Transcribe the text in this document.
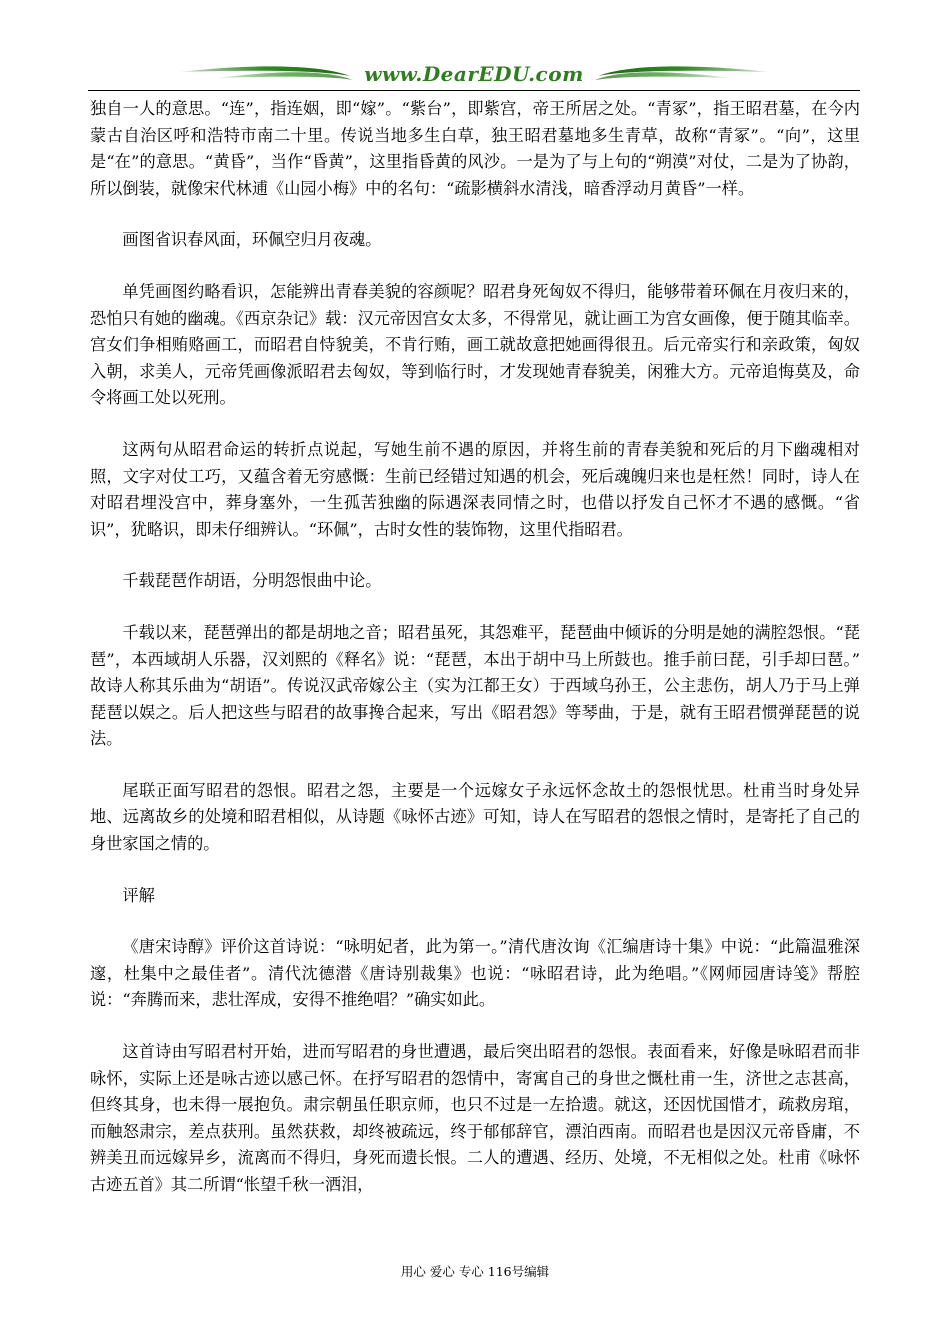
www.DearEDU.com

独自一人的意思。“连”，指连姻，即“嫁”。“紫台”，即紫宫，帝王所居之处。“青冢”，指王昭君墓，在今内蒙古自治区呼和浩特市南二十里。传说当地多生白草，独王昭君墓地多生青草，故称“青冢”。“向”，这里是“在”的意思。“黄昏”，当作“昏黄”，这里指昏黄的风沙。一是为了与上句的“朔漠”对仗，二是为了协韵，所以倒装，就像宋代林逋《山园小梅》中的名句：“疏影横斜水清浅，暗香浮动月黄昏”一样。

画图省识春风面，环佩空归月夜魂。

单凭画图约略看识，怎能辨出青春美貌的容颜呢？昭君身死匈奴不得归，能够带着环佩在月夜归来的，恐怕只有她的幽魂。《西京杂记》载：汉元帝因宫女太多，不得常见，就让画工为宫女画像，便于随其临幸。宫女们争相贿赂画工，而昭君自恃貌美，不肯行贿，画工就故意把她画得很丑。后元帝实行和亲政策，匈奴入朝，求美人，元帝凭画像派昭君去匈奴，等到临行时，才发现她青春貌美，闲雅大方。元帝追悔莫及，命令将画工处以死刑。

这两句从昭君命运的转折点说起，写她生前不遇的原因，并将生前的青春美貌和死后的月下幽魂相对照，文字对仗工巧，又蕴含着无穷感慨：生前已经错过知遇的机会，死后魂魄归来也是枉然！同时，诗人在对昭君埋没宫中，葬身塞外，一生孤苦独幽的际遇深表同情之时，也借以抒发自己怀才不遇的感慨。“省识”，犹略识，即未仔细辨认。“环佩”，古时女性的装饰物，这里代指昭君。

千载琵琶作胡语，分明怨恨曲中论。

千载以来，琵琶弹出的都是胡地之音；昭君虽死，其怨难平，琵琶曲中倾诉的分明是她的满腔怨恨。“琵琶”，本西域胡人乐器，汉刘熙的《释名》说：“琵琶，本出于胡中马上所鼓也。推手前曰琵，引手却曰琶。” 故诗人称其乐曲为“胡语”。传说汉武帝嫁公主（实为江都王女）于西域乌孙王，公主悲伤，胡人乃于马上弹琵琶以娱之。后人把这些与昭君的故事搀合起来，写出《昭君怨》等琴曲，于是，就有王昭君惯弹琵琶的说法。

尾联正面写昭君的怨恨。昭君之怨，主要是一个远嫁女子永远怀念故土的怨恨忧思。杜甫当时身处异地、远离故乡的处境和昭君相似，从诗题《咏怀古迹》可知，诗人在写昭君的怨恨之情时，是寄托了自己的身世家国之情的。

评解

《唐宋诗醇》评价这首诗说：“咏明妃者，此为第一。”清代唐汝询《汇编唐诗十集》中说：“此篇温雅深邃，杜集中之最佳者”。清代沈德潜《唐诗别裁集》也说：“咏昭君诗，此为绝唱。”《网师园唐诗笺》帮腔说：“奔腾而来，悲壮浑成，安得不推绝唱？”确实如此。

这首诗由写昭君村开始，进而写昭君的身世遭遇，最后突出昭君的怨恨。表面看来，好像是咏昭君而非咏怀，实际上还是咏古迹以感己怀。在抒写昭君的怨情中，寄寓自己的身世之慨杜甫一生，济世之志甚高，但终其身，也未得一展抱负。肃宗朝虽任职京师，也只不过是一左拾遗。就这，还因忧国惜才，疏救房琯，而触怒肃宗，差点获刑。虽然获救，却终被疏远，终于郁郁辞官，漂泊西南。而昭君也是因汉元帝昏庸，不辨美丑而远嫁异乡，流离而不得归，身死而遗长恨。二人的遭遇、经历、处境，不无相似之处。杜甫《咏怀古迹五首》其二所谓“怅望千秋一洒泪，

用心 爱心 专心 116号编辑
